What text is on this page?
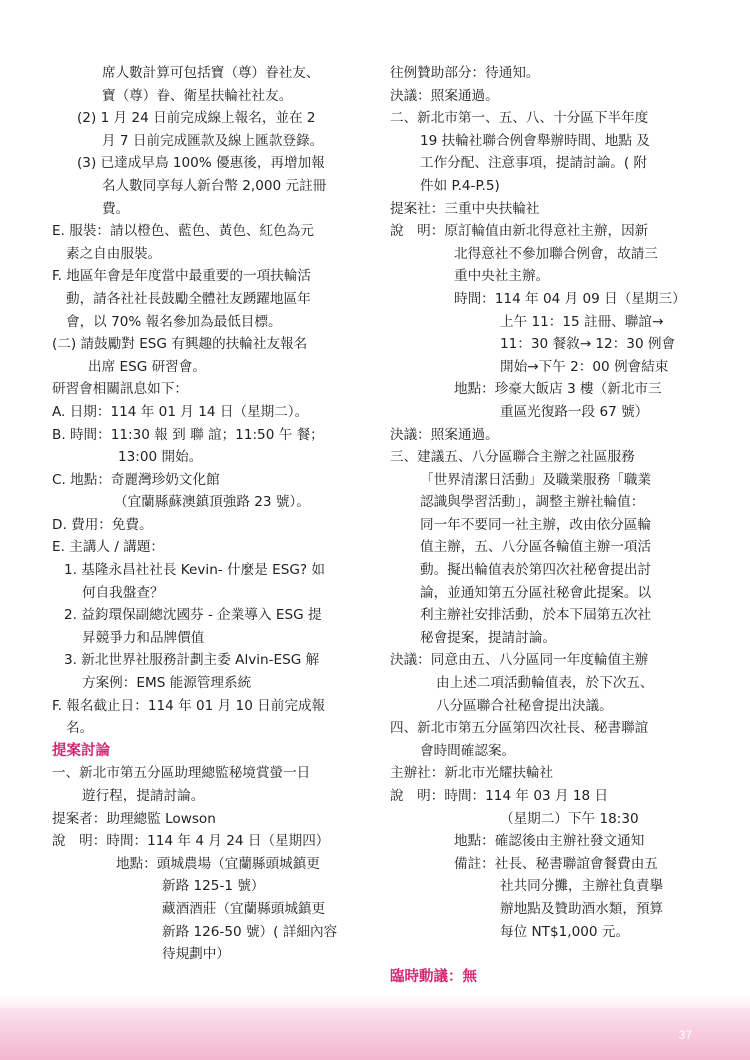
席人數計算可包括寶（尊）眷社友、
寶（尊）眷、衛星扶輪社社友。
(2) 1 月 24 日前完成線上報名，並在 2
月 7 日前完成匯款及線上匯款登錄。
(3) 已達成早鳥 100% 優惠後，再增加報
名人數同享每人新台幣 2,000 元註冊
費。
E. 服裝：請以橙色、藍色、黃色、紅色為元
素之自由服裝。
F. 地區年會是年度當中最重要的一項扶輪活
動，請各社社長鼓勵全體社友踴躍地區年
會，以 70% 報名參加為最低目標。
(二) 請鼓勵對 ESG 有興趣的扶輪社友報名
出席 ESG 研習會。
研習會相關訊息如下：
A. 日期：114 年 01 月 14 日（星期二）。
B. 時間：11:30 報 到 聯 誼；11:50 午 餐；
13:00 開始。
C. 地點：奇麗灣珍奶文化館
（宜蘭縣蘇澳鎮頂強路 23 號）。
D. 費用：免費。
E. 主講人 / 講題：
1. 基隆永昌社社長 Kevin- 什麼是 ESG? 如
何自我盤查？
2. 益鈞環保副總沈國芬 - 企業導入 ESG 提
昇競爭力和品牌價值
3. 新北世界社服務計劃主委 Alvin-ESG 解
方案例：EMS 能源管理系統
F. 報名截止日：114 年 01 月 10 日前完成報
名。
提案討論
一、新北市第五分區助理總監秘境賞螢一日
遊行程，提請討論。
提案者：助理總監 Lowson
說　明：時間：114 年 4 月 24 日（星期四）
地點：頭城農場（宜蘭縣頭城鎮更
新路 125-1 號）
藏酒酒莊（宜蘭縣頭城鎮更
新路 126-50 號）( 詳細內容
待規劃中）
往例贊助部分：待通知。
決議：照案通過。
二、新北市第一、五、八、十分區下半年度
19 扶輪社聯合例會舉辦時間、地點 及
工作分配、注意事項，提請討論。( 附
件如 P.4-P.5)
提案社：三重中央扶輪社
說　明：原訂輪值由新北得意社主辦，因新
北得意社不參加聯合例會，故請三
重中央社主辦。
時間：114 年 04 月 09 日（星期三）
上午 11：15 註冊、聯誼→
11：30 餐敘→ 12：30 例會
開始→下午 2：00 例會結束
地點：珍豪大飯店 3 樓（新北市三
重區光復路一段 67 號）
決議：照案通過。
三、建議五、八分區聯合主辦之社區服務
「世界清潔日活動」及職業服務「職業
認識與學習活動」，調整主辦社輪值：
同一年不要同一社主辦，改由依分區輪
值主辦，五、八分區各輪值主辦一項活
動。擬出輪值表於第四次社秘會提出討
論，並通知第五分區社秘會此提案。以
利主辦社安排活動，於本下屆第五次社
秘會提案，提請討論。
決議：同意由五、八分區同一年度輪值主辦
由上述二項活動輪值表，於下次五、
八分區聯合社秘會提出決議。
四、新北市第五分區第四次社長、秘書聯誼
會時間確認案。
主辦社：新北市光耀扶輪社
說　明：時間：114 年 03 月 18 日
（星期二）下午 18:30
地點：確認後由主辦社發文通知
備註：社長、秘書聯誼會餐費由五
社共同分攤，主辦社負責擧
辦地點及贊助酒水類，預算
每位 NT$1,000 元。
臨時動議：無
37
